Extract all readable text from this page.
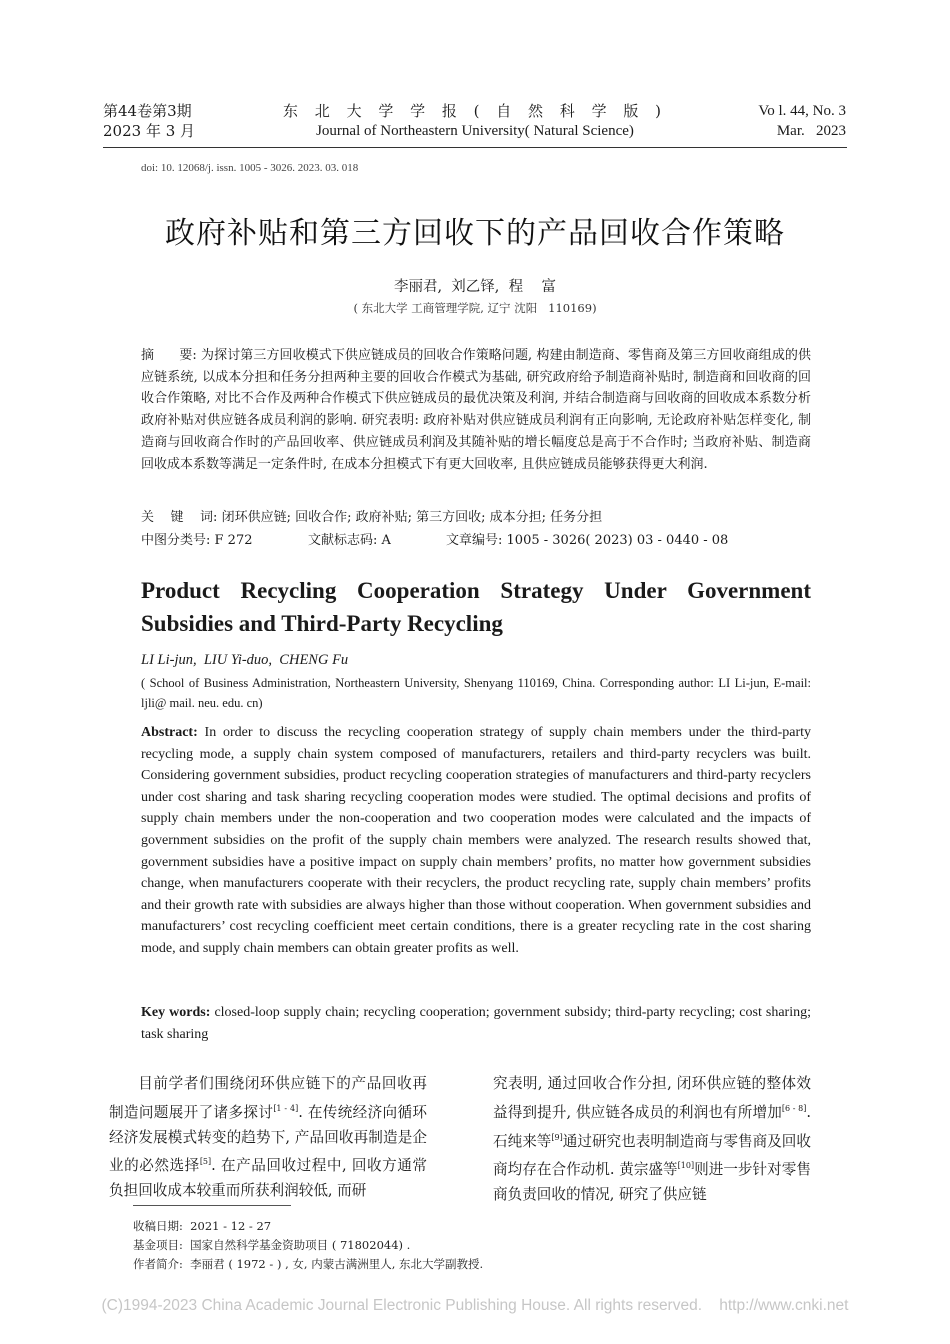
第44卷第3期
2023 年 3 月
东 北 大 学 学 报 ( 自 然 科 学 版 )
Journal of Northeastern University( Natural Science)
Vo l. 44, No. 3
Mar.   2023
doi: 10. 12068/j. issn. 1005 - 3026. 2023. 03. 018
政府补贴和第三方回收下的产品回收合作策略
李丽君,  刘乙铎,  程    富
( 东北大学 工商管理学院, 辽宁 沈阳   110169)
摘      要: 为探讨第三方回收模式下供应链成员的回收合作策略问题, 构建由制造商、零售商及第三方回收商组成的供应链系统, 以成本分担和任务分担两种主要的回收合作模式为基础, 研究政府给予制造商补贴时, 制造商和回收商的回收合作策略, 对比不合作及两种合作模式下供应链成员的最优决策及利润, 并结合制造商与回收商的回收成本系数分析政府补贴对供应链各成员利润的影响. 研究表明: 政府补贴对供应链成员利润有正向影响, 无论政府补贴怎样变化, 制造商与回收商合作时的产品回收率、供应链成员利润及其随补贴的增长幅度总是高于不合作时; 当政府补贴、制造商回收成本系数等满足一定条件时, 在成本分担模式下有更大回收率, 且供应链成员能够获得更大利润.
关    键    词: 闭环供应链; 回收合作; 政府补贴; 第三方回收; 成本分担; 任务分担
中图分类号: F 272	文献标志码: A	文章编号: 1005 - 3026( 2023) 03 - 0440 - 08
Product  Recycling  Cooperation  Strategy  Under  Government
Subsidies and Third-Party Recycling
LI Li-jun,  LIU Yi-duo,  CHENG Fu
( School of Business Administration, Northeastern University, Shenyang 110169, China. Corresponding author: LI Li-jun, E-mail: ljli@ mail. neu. edu. cn)
Abstract: In order to discuss the recycling cooperation strategy of supply chain members under the third-party recycling mode, a supply chain system composed of manufacturers, retailers and third-party recyclers was built. Considering government subsidies, product recycling cooperation strategies of manufacturers and third-party recyclers under cost sharing and task sharing recycling cooperation modes were studied. The optimal decisions and profits of supply chain members under the non-cooperation and two cooperation modes were calculated and the impacts of government subsidies on the profit of the supply chain members were analyzed. The research results showed that, government subsidies have a positive impact on supply chain members’ profits, no matter how government subsidies change, when manufacturers cooperate with their recyclers, the product recycling rate, supply chain members’ profits and their growth rate with subsidies are always higher than those without cooperation. When government subsidies and manufacturers’ cost recycling coefficient meet certain conditions, there is a greater recycling rate in the cost sharing mode, and supply chain members can obtain greater profits as well.
Key words: closed-loop supply chain; recycling cooperation; government subsidy; third-party recycling; cost sharing; task sharing
目前学者们围绕闭环供应链下的产品回收再制造问题展开了诸多探讨[1 - 4]. 在传统经济向循环经济发展模式转变的趋势下, 产品回收再制造是企业的必然选择[5]. 在产品回收过程中, 回收方通常负担回收成本较重而所获利润较低, 而研
究表明, 通过回收合作分担, 闭环供应链的整体效益得到提升, 供应链各成员的利润也有所增加[6 - 8]. 石纯来等[9]通过研究也表明制造商与零售商及回收商均存在合作动机. 黄宗盛等[10]则进一步针对零售商负责回收的情况, 研究了供应链
收稿日期:  2021 - 12 - 27
基金项目:  国家自然科学基金资助项目 ( 71802044) .
作者简介:  李丽君 ( 1972 - ) , 女, 内蒙古满洲里人, 东北大学副教授.
(C)1994-2023 China Academic Journal Electronic Publishing House. All rights reserved.    http://www.cnki.net
